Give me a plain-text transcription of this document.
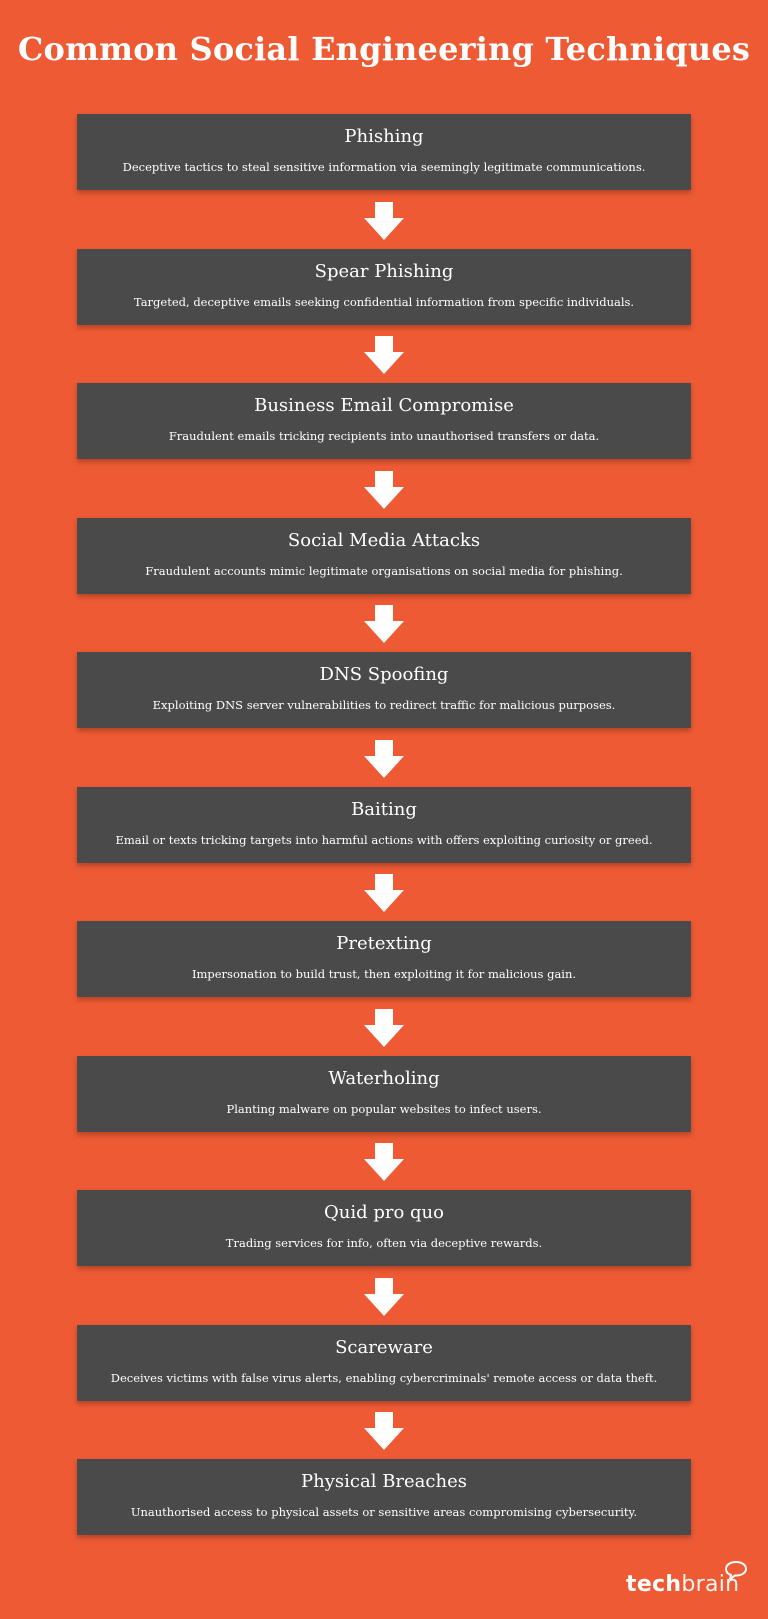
Common Social Engineering Techniques
Phishing
Deceptive tactics to steal sensitive information via seemingly legitimate communications.
Spear Phishing
Targeted, deceptive emails seeking confidential information from specific individuals.
Business Email Compromise
Fraudulent emails tricking recipients into unauthorised transfers or data.
Social Media Attacks
Fraudulent accounts mimic legitimate organisations on social media for phishing.
DNS Spoofing
Exploiting DNS server vulnerabilities to redirect traffic for malicious purposes.
Baiting
Email or texts tricking targets into harmful actions with offers exploiting curiosity or greed.
Pretexting
Impersonation to build trust, then exploiting it for malicious gain.
Waterholing
Planting malware on popular websites to infect users.
Quid pro quo
Trading services for info, often via deceptive rewards.
Scareware
Deceives victims with false virus alerts, enabling cybercriminals' remote access or data theft.
Physical Breaches
Unauthorised access to physical assets or sensitive areas compromising cybersecurity.
techbrain
